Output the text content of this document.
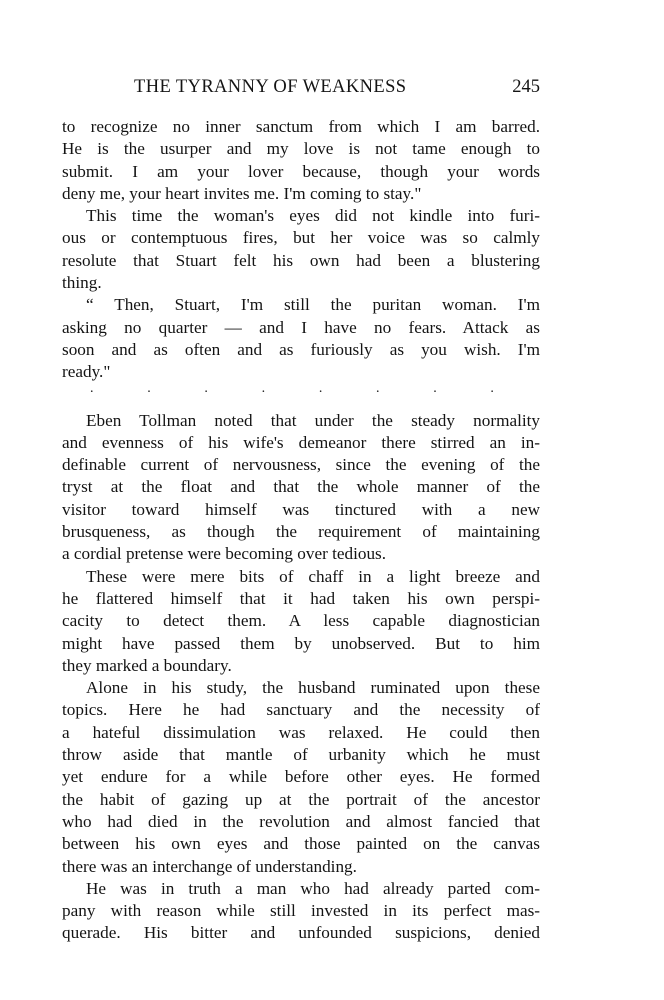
THE TYRANNY OF WEAKNESS	245
to recognize no inner sanctum from which I am barred.
He is the usurper and my love is not tame enough to
submit. I am your lover because, though your words
deny me, your heart invites me. I'm coming to stay."
This time the woman's eyes did not kindle into furi-
ous or contemptuous fires, but her voice was so calmly
resolute that Stuart felt his own had been a blustering
thing.
“ Then, Stuart, I'm still the puritan woman. I'm
asking no quarter — and I have no fears. Attack as
soon and as often and as furiously as you wish. I'm
ready."
.	.	.	.	.	.	.	.
Eben Tollman noted that under the steady normality
and evenness of his wife's demeanor there stirred an in-
definable current of nervousness, since the evening of the
tryst at the float and that the whole manner of the
visitor toward himself was tinctured with a new
brusqueness, as though the requirement of maintaining
a cordial pretense were becoming over tedious.
These were mere bits of chaff in a light breeze and
he flattered himself that it had taken his own perspi-
cacity to detect them. A less capable diagnostician
might have passed them by unobserved. But to him
they marked a boundary.
Alone in his study, the husband ruminated upon these
topics. Here he had sanctuary and the necessity of
a hateful dissimulation was relaxed. He could then
throw aside that mantle of urbanity which he must
yet endure for a while before other eyes. He formed
the habit of gazing up at the portrait of the ancestor
who had died in the revolution and almost fancied that
between his own eyes and those painted on the canvas
there was an interchange of understanding.
He was in truth a man who had already parted com-
pany with reason while still invested in its perfect mas-
querade. His bitter and unfounded suspicions, denied
